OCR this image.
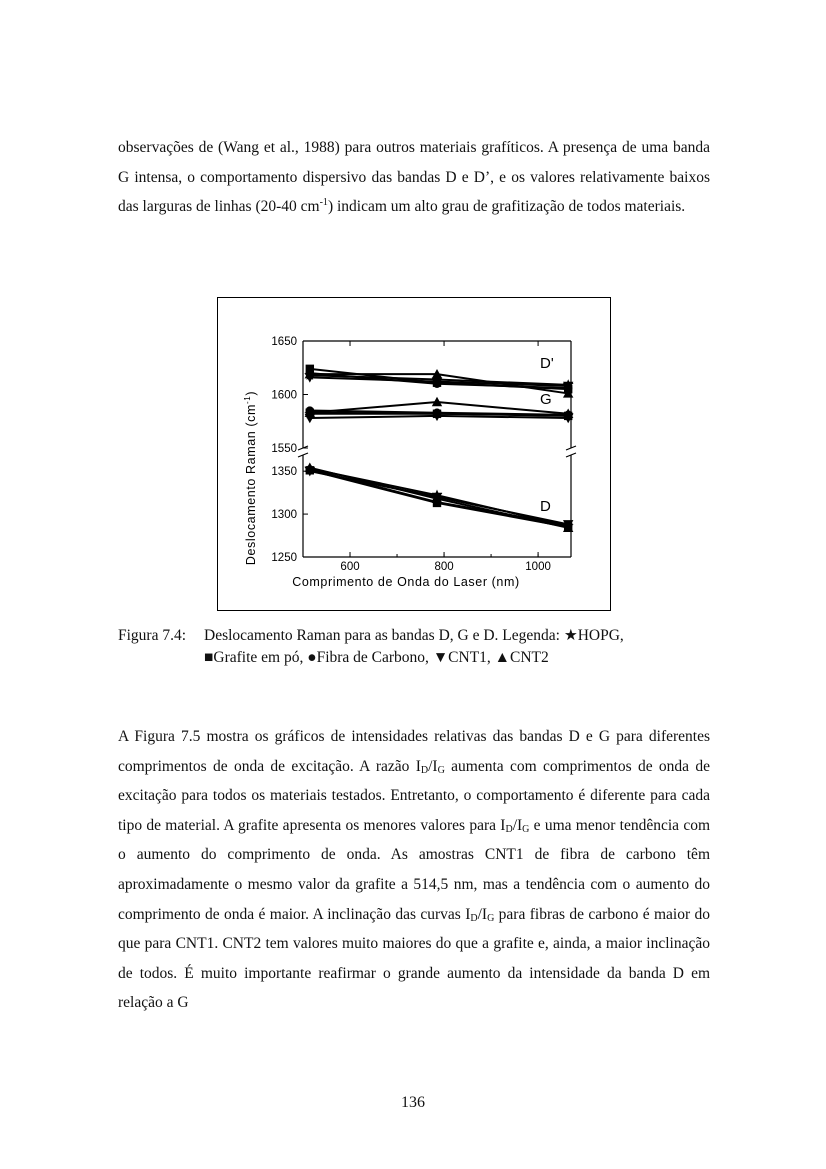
observações de (Wang et al., 1988) para outros materiais grafíticos. A presença de uma banda G intensa, o comportamento dispersivo das bandas D e D’, e os valores relativamente baixos das larguras de linhas (20-40 $cm^{-1}$) indicam um alto grau de grafitização de todos materiais.

600	800	1000
1650
1600
1550
1350
1300
1250
Comprimento de Onda do Laser (nm)
Deslocamento Raman $(cm^{-1})$
D'
G
D
Figura 7.4:	Deslocamento Raman para as bandas D, G e D. Legenda: ★HOPG,
■Grafite em pó, ●Fibra de Carbono, ▼CNT1, ▲CNT2

A Figura 7.5 mostra os gráficos de intensidades relativas das bandas D e G para diferentes comprimentos de onda de excitação. A razão $I_D/I_G$ aumenta com comprimentos de onda de excitação para todos os materiais testados. Entretanto, o comportamento é diferente para cada tipo de material. A grafite apresenta os menores valores para $I_D/I_G$ e uma menor tendência com o aumento do comprimento de onda. As amostras CNT1 de fibra de carbono têm aproximadamente o mesmo valor da grafite a 514,5 nm, mas a tendência com o aumento do comprimento de onda é maior. A inclinação das curvas $I_D/I_G$ para fibras de carbono é maior do que para CNT1. CNT2 tem valores muito maiores do que a grafite e, ainda, a maior inclinação de todos. É muito importante reafirmar o grande aumento da intensidade da banda D em relação a G

136
